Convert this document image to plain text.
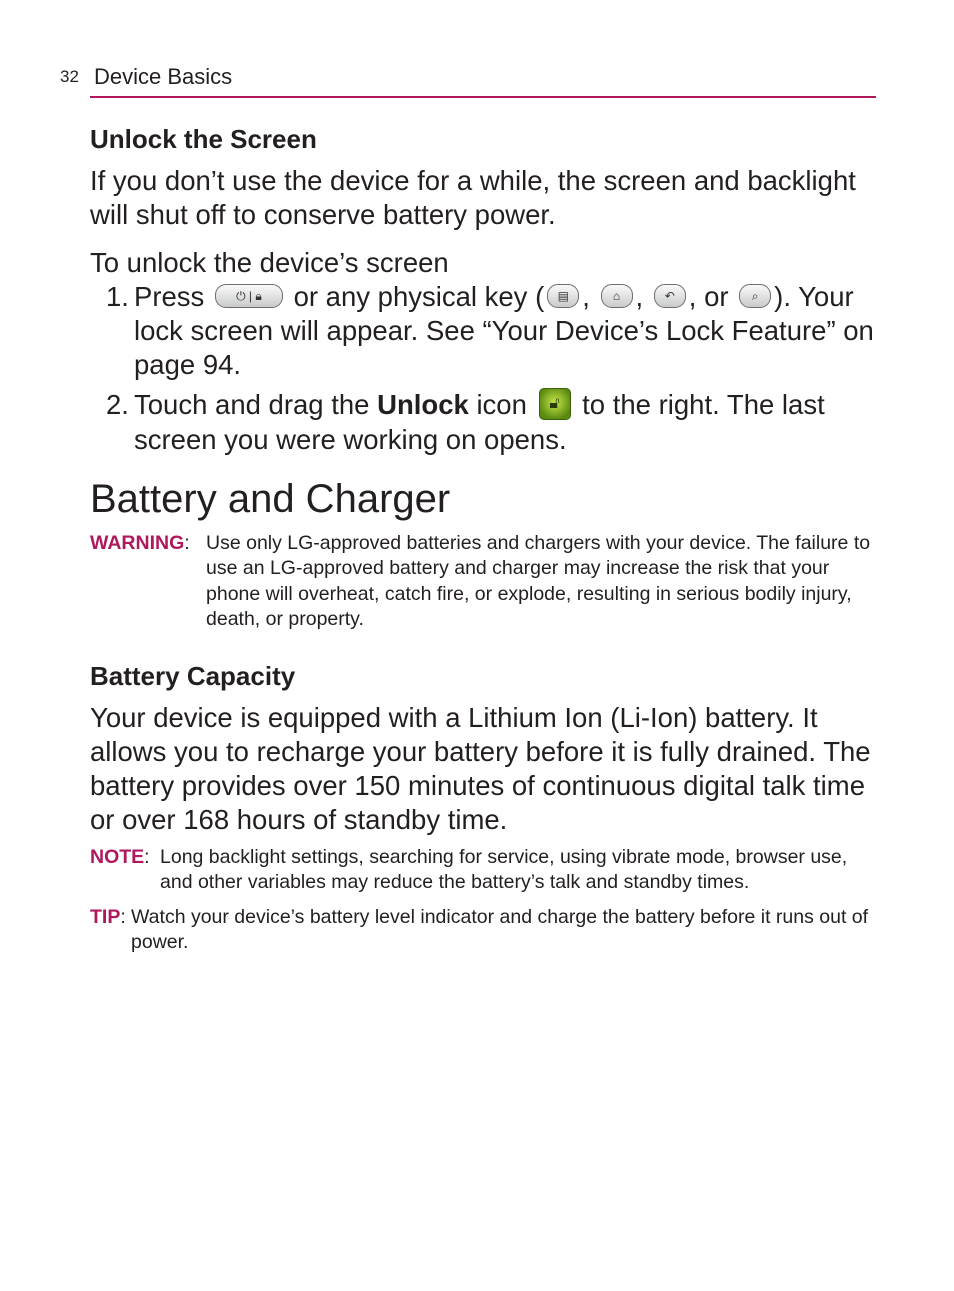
32 Device Basics
Unlock the Screen

If you don’t use the device for a while, the screen and backlight will shut off to conserve battery power.

To unlock the device’s screen
1. Press	⏻ | 🔒︎ or any physical key ( ▤ , ⌂ , ↶ , or ⌕ ). Your lock screen will appear. See “Your Device’s Lock Feature” on page 94.
2. Touch and drag the Unlock icon 🔓︎ to the right. The last screen you were working on opens.
Battery and Charger
WARNING: Use only LG-approved batteries and chargers with your device. The failure to use an LG-approved battery and charger may increase the risk that your phone will overheat, catch fire, or explode, resulting in serious bodily injury, death, or property.
Battery Capacity

Your device is equipped with a Lithium Ion (Li-Ion) battery. It allows you to recharge your battery before it is fully drained. The battery provides over 150 minutes of continuous digital talk time or over 168 hours of standby time.

NOTE: Long backlight settings, searching for service, using vibrate mode, browser use, and other variables may reduce the battery’s talk and standby times.
TIP: Watch your device’s battery level indicator and charge the battery before it runs out of power.
